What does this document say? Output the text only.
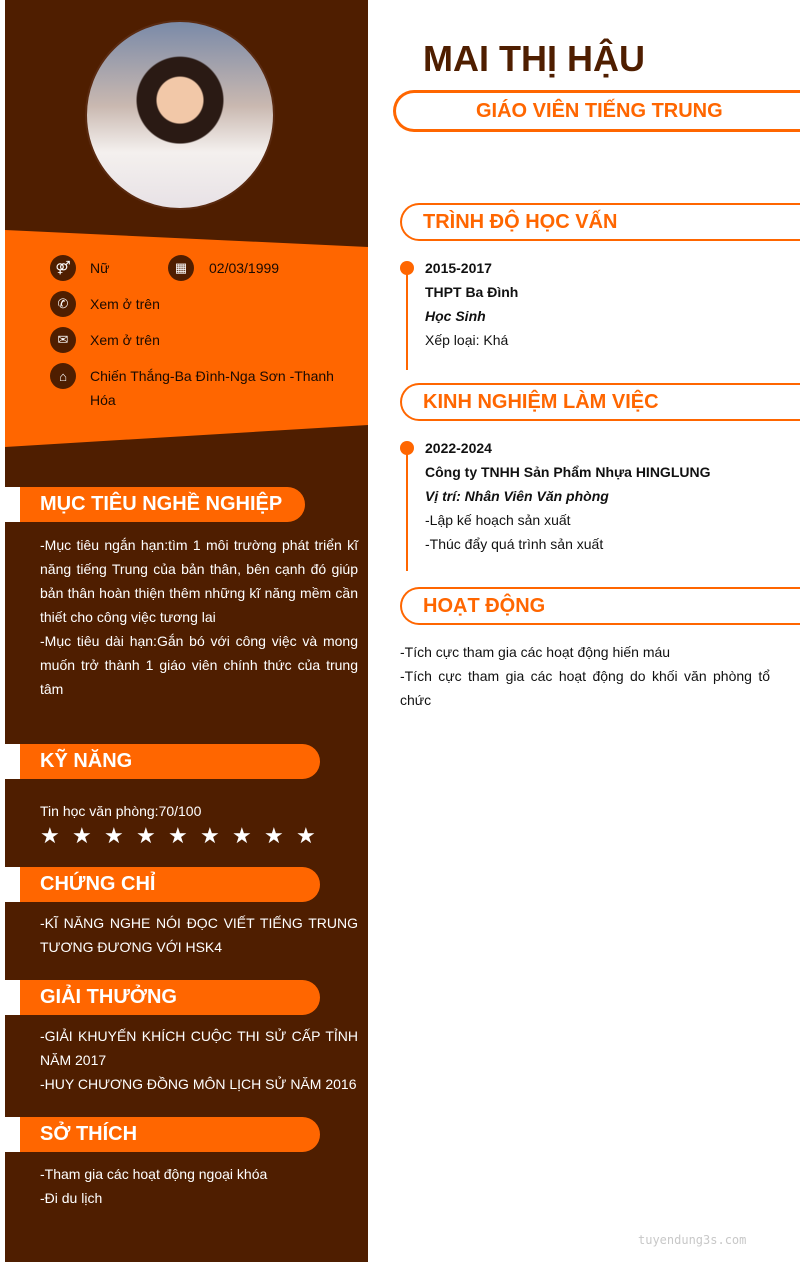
⚤	Nữ	▦	02/03/1999
✆	Xem ở trên
✉	Xem ở trên
⌂	Chiến Thắng-Ba Đình-Nga Sơn -Thanh Hóa
MỤC TIÊU NGHỀ NGHIỆP
-Mục tiêu ngắn hạn:tìm 1 môi trường phát triển kĩ năng tiếng Trung của bản thân, bên cạnh đó giúp bản thân hoàn thiện thêm những kĩ năng mềm cần thiết cho công việc tương lai
-Mục tiêu dài hạn:Gắn bó với công việc và mong muốn trở thành 1 giáo viên chính thức của trung tâm
KỸ NĂNG
Tin học văn phòng:70/100
★ ★ ★ ★ ★ ★ ★ ★ ★
CHỨNG CHỈ
-KĨ NĂNG NGHE NÓI ĐỌC VIẾT TIẾNG TRUNG TƯƠNG ĐƯƠNG VỚI HSK4
GIẢI THƯỞNG
-GIẢI KHUYẾN KHÍCH CUỘC THI SỬ CẤP TỈNH NĂM 2017
-HUY CHƯƠNG ĐỒNG MÔN LỊCH SỬ NĂM 2016
SỞ THÍCH
-Tham gia các hoạt động ngoại khóa
-Đi du lịch
MAI THỊ HẬU
GIÁO VIÊN TIẾNG TRUNG
TRÌNH ĐỘ HỌC VẤN
2015-2017
THPT Ba Đình
Học Sinh
Xếp loại: Khá
KINH NGHIỆM LÀM VIỆC
2022-2024
Công ty TNHH Sản Phẩm Nhựa HINGLUNG
Vị trí: Nhân Viên Văn phòng
-Lập kế hoạch sản xuất
-Thúc đẩy quá trình sản xuất
HOẠT ĐỘNG
-Tích cực tham gia các hoạt động hiến máu
-Tích cực tham gia các hoạt động do khối văn phòng tổ chức
tuyendung3s.com
